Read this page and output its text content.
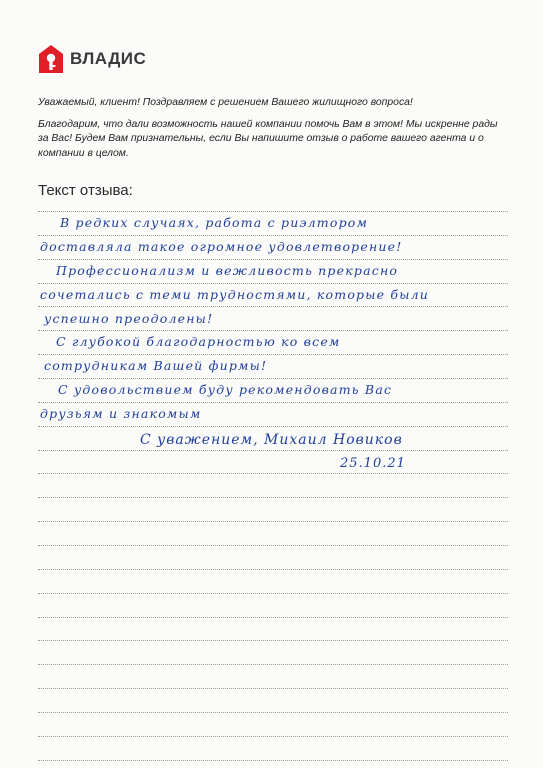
ВЛАДИС

Уважаемый, клиент! Поздравляем с решением Вашего жилищного вопроса!

Благодарим, что дали возможность нашей компании помочь Вам в этом! Мы искренне рады за Вас! Будем Вам признательны, если Вы напишите отзыв о работе вашего агента и о компании в целом.

Текст отзыва:
В редких случаях, работа с риэлтором
доставляла такое огромное удовлетворение!
Профессионализм и вежливость прекрасно
сочетались с теми трудностями, которые были
успешно преодолены!
С глубокой благодарностью ко всем
сотрудникам Вашей фирмы!
С удовольствием буду рекомендовать Вас
друзьям и знакомым
С уважением, Михаил Новиков
25.10.21
